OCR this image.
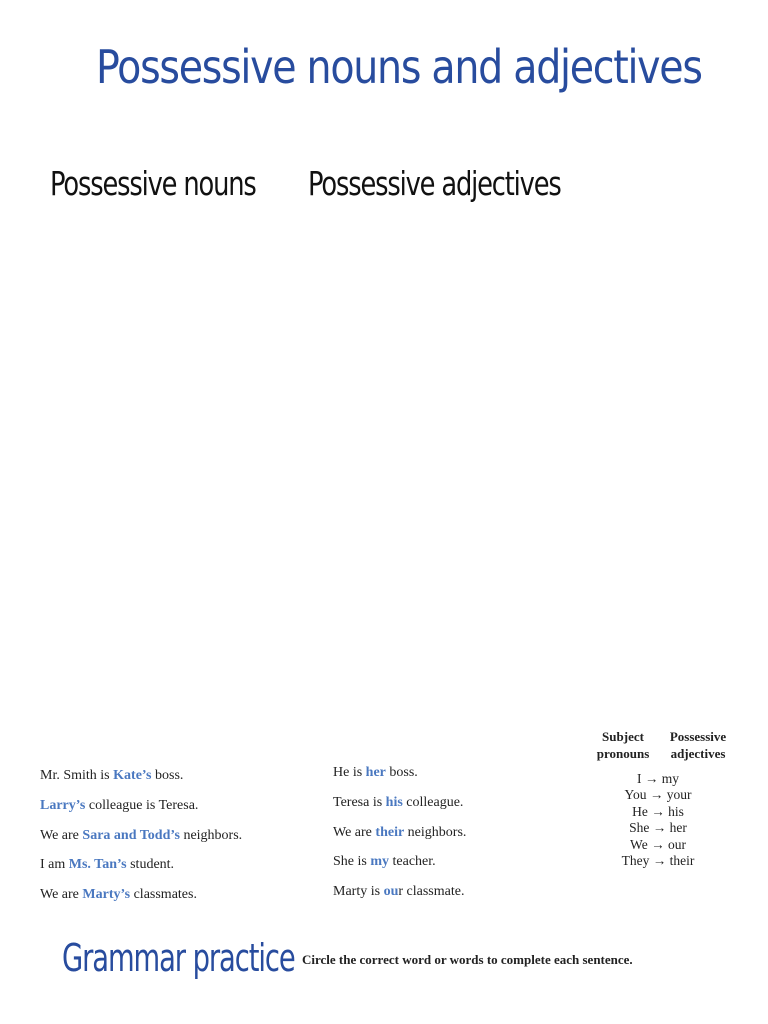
Possessive nouns and adjectives
Possessive nouns Possessive adjectives
Subject
pronouns
Possessive
adjectives
Mr. Smith is Kate’s boss.
Larry’s colleague is Teresa.
We are Sara and Todd’s neighbors.
I am Ms. Tan’s student.
We are Marty’s classmates.
He is her boss.
Teresa is his colleague.
We are their neighbors.
She is my teacher.
Marty is our classmate.
I → my
You → your
He → his
She → her
We → our
They → their
Grammar practice Circle the correct word or words to complete each sentence.
